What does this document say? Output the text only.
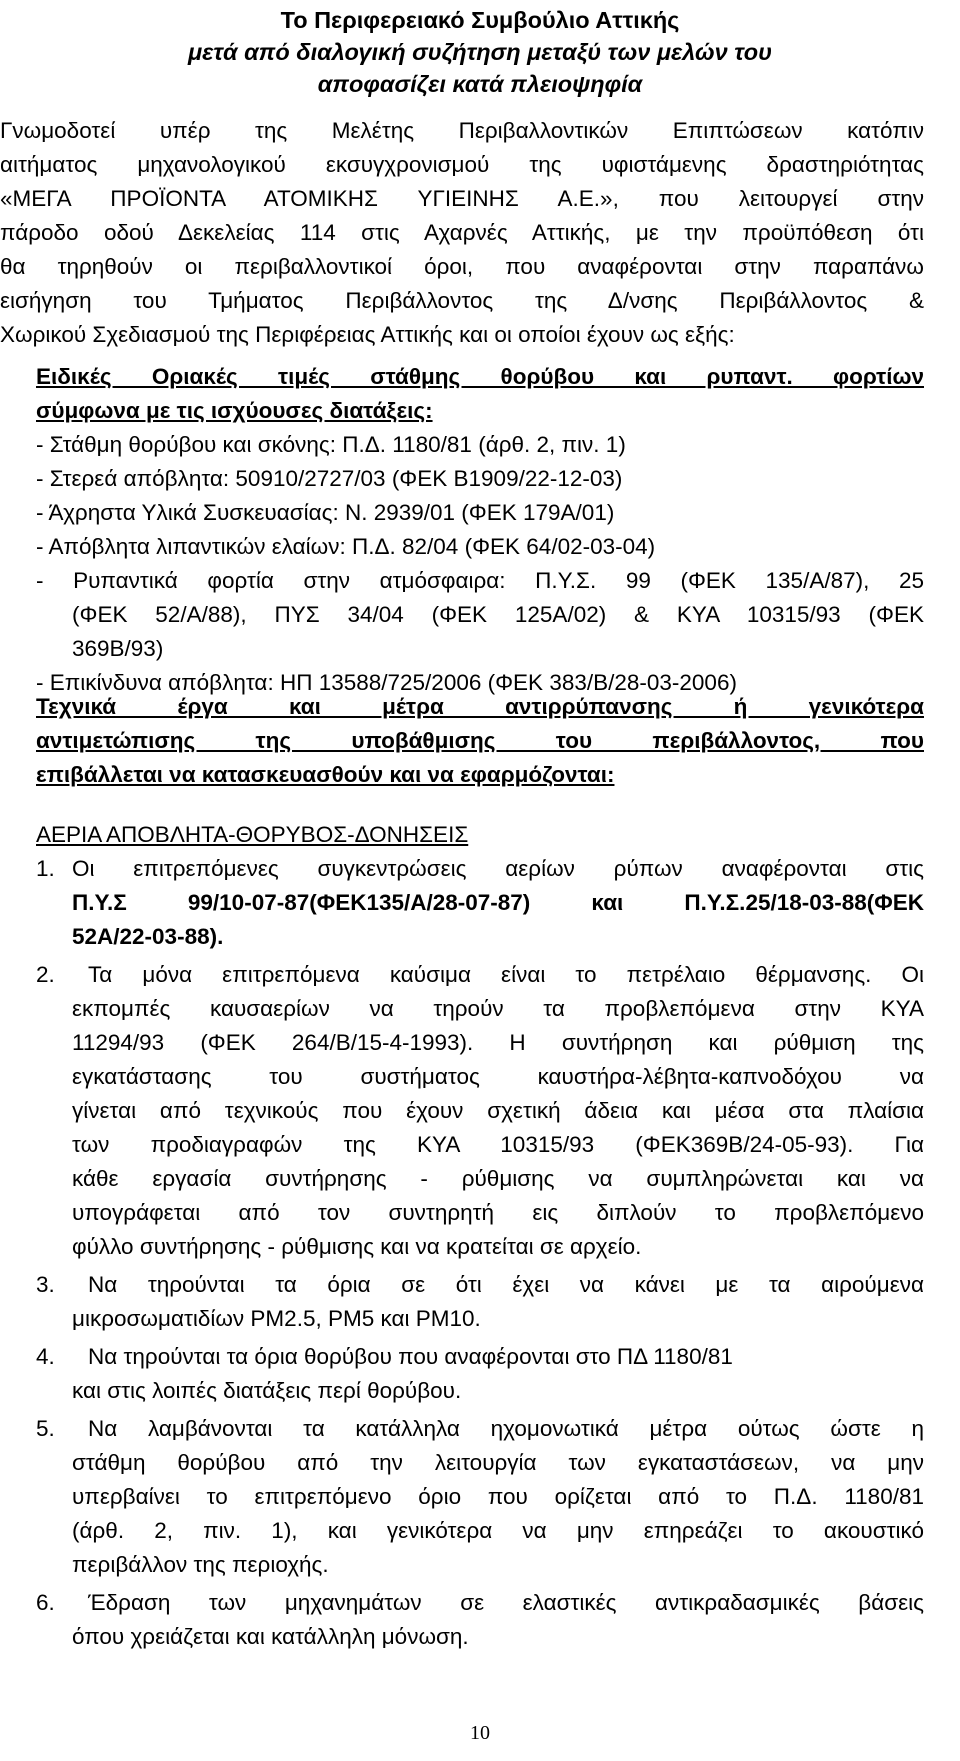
Το Περιφερειακό Συμβούλιο Αττικής
μετά από διαλογική συζήτηση μεταξύ των μελών του
αποφασίζει κατά πλειοψηφία
Γνωμοδοτεί υπέρ της Μελέτης Περιβαλλοντικών Επιπτώσεων κατόπιν
αιτήματος μηχανολογικού εκσυγχρονισμού της υφιστάμενης δραστηριότητας
«ΜΕΓΑ ΠΡΟΪΟΝΤΑ ΑΤΟΜΙΚΗΣ ΥΓΙΕΙΝΗΣ Α.Ε.», που λειτουργεί στην
πάροδο οδού Δεκελείας 114 στις Αχαρνές Αττικής, με την προϋπόθεση ότι
θα τηρηθούν οι περιβαλλοντικοί όροι, που αναφέρονται στην παραπάνω
εισήγηση του Τμήματος Περιβάλλοντος της Δ/νσης Περιβάλλοντος &
Χωρικού Σχεδιασμού της Περιφέρειας Αττικής και οι οποίοι έχουν ως εξής:
Ειδικές Οριακές τιμές στάθμης θορύβου και ρυπαντ. φορτίων
σύμφωνα με τις ισχύουσες διατάξεις:
- Στάθμη θορύβου και σκόνης: Π.Δ. 1180/81 (άρθ. 2, πιν. 1)
- Στερεά απόβλητα: 50910/2727/03 (ΦΕΚ Β1909/22-12-03)
- Άχρηστα Υλικά Συσκευασίας: Ν. 2939/01 (ΦΕΚ 179Α/01)
- Απόβλητα λιπαντικών ελαίων: Π.Δ. 82/04 (ΦΕΚ 64/02-03-04)
- Ρυπαντικά φορτία στην ατμόσφαιρα: Π.Υ.Σ. 99 (ΦΕΚ 135/Α/87), 25
(ΦΕΚ 52/Α/88), ΠΥΣ 34/04 (ΦΕΚ 125Α/02) & ΚΥΑ 10315/93 (ΦΕΚ
369Β/93)
- Επικίνδυνα απόβλητα: ΗΠ 13588/725/2006 (ΦΕΚ 383/Β/28-03-2006)
Τεχνικά έργα και μέτρα αντιρρύπανσης ή γενικότερα
αντιμετώπισης της υποβάθμισης του περιβάλλοντος, που
επιβάλλεται να κατασκευασθούν και να εφαρμόζονται:
ΑΕΡΙΑ ΑΠΟΒΛΗΤΑ-ΘΟΡΥΒΟΣ-ΔΟΝΗΣΕΙΣ
1. Οι επιτρεπόμενες συγκεντρώσεις αερίων ρύπων αναφέρονται στις
Π.Υ.Σ 99/10-07-87(ΦΕΚ135/Α/28-07-87) και Π.Υ.Σ.25/18-03-88(ΦΕΚ
52Α/22-03-88).
2.	Τα μόνα επιτρεπόμενα καύσιμα είναι το πετρέλαιο θέρμανσης. Οι
εκπομπές καυσαερίων να τηρούν τα προβλεπόμενα στην ΚΥΑ
11294/93 (ΦΕΚ 264/Β/15-4-1993). Η συντήρηση και ρύθμιση της
εγκατάστασης του συστήματος καυστήρα-λέβητα-καπνοδόχου να
γίνεται από τεχνικούς που έχουν σχετική άδεια και μέσα στα πλαίσια
των προδιαγραφών της ΚΥΑ 10315/93 (ΦΕΚ369Β/24-05-93). Για
κάθε εργασία συντήρησης - ρύθμισης να συμπληρώνεται και να
υπογράφεται από τον συντηρητή εις διπλούν το προβλεπόμενο
φύλλο συντήρησης - ρύθμισης και να κρατείται σε αρχείο.
3.	Να τηρούνται τα όρια σε ότι έχει να κάνει με τα αιρούμενα
μικροσωματιδίων PM2.5, PM5 και PM10.
4.	Να τηρούνται τα όρια θορύβου που αναφέρονται στο ΠΔ 1180/81
και στις λοιπές διατάξεις περί θορύβου.
5.	Να λαμβάνονται τα κατάλληλα ηχομονωτικά μέτρα ούτως ώστε η
στάθμη θορύβου από την λειτουργία των εγκαταστάσεων, να μην
υπερβαίνει το επιτρεπόμενο όριο που ορίζεται από το Π.Δ. 1180/81
(άρθ. 2, πιν. 1), και γενικότερα να μην επηρεάζει το ακουστικό
περιβάλλον της περιοχής.
6.	Έδραση των μηχανημάτων σε ελαστικές αντικραδασμικές βάσεις
όπου χρειάζεται και κατάλληλη μόνωση.
10
